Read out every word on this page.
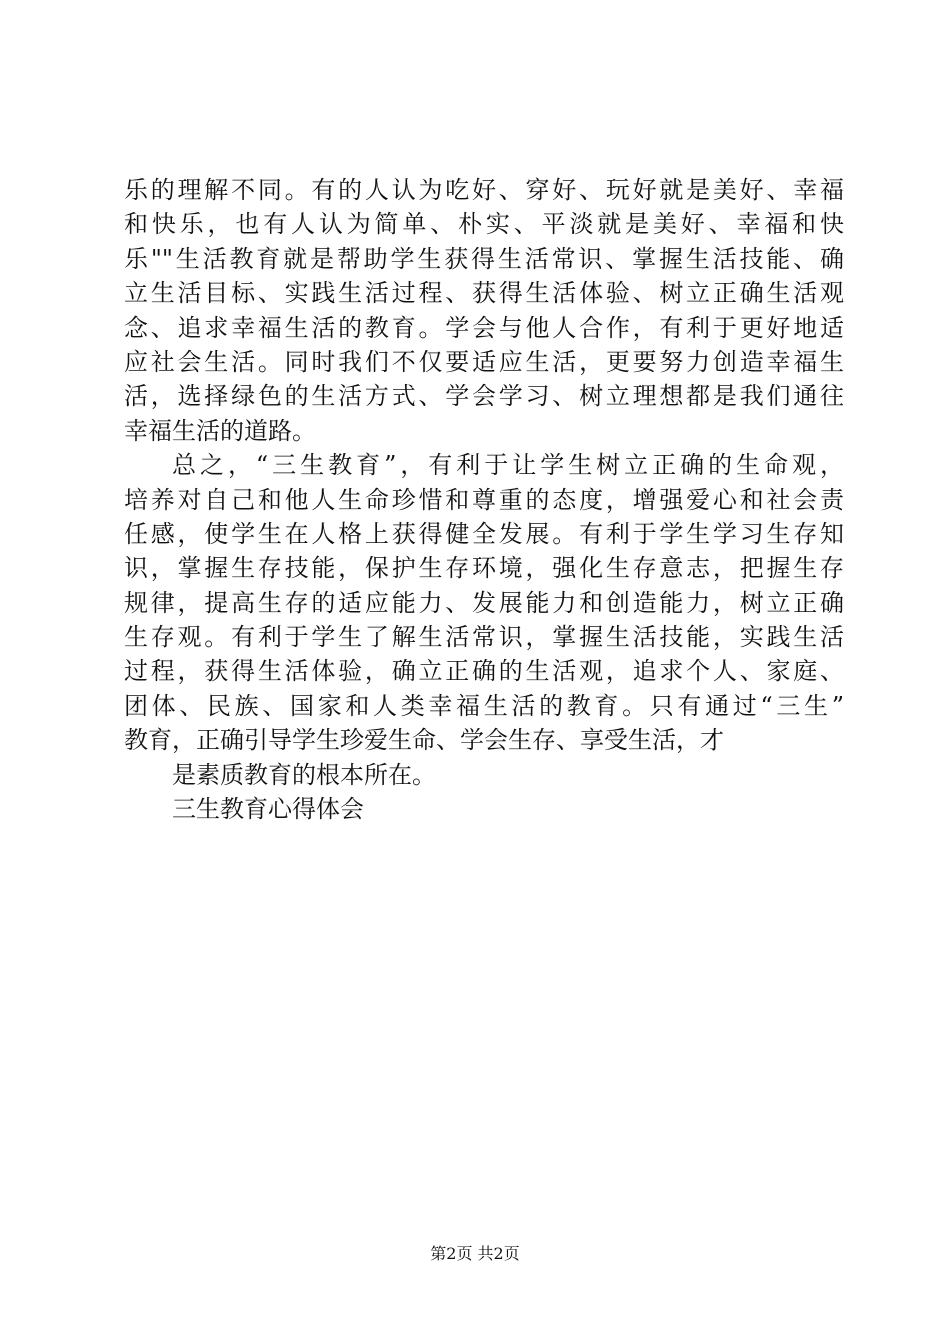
乐的理解不同。有的人认为吃好、穿好、玩好就是美好、幸福
和快乐，也有人认为简单、朴实、平淡就是美好、幸福和快
乐""生活教育就是帮助学生获得生活常识、掌握生活技能、确
立生活目标、实践生活过程、获得生活体验、树立正确生活观
念、追求幸福生活的教育。学会与他人合作，有利于更好地适
应社会生活。同时我们不仅要适应生活，更要努力创造幸福生
活，选择绿色的生活方式、学会学习、树立理想都是我们通往
幸福生活的道路。
总之，“三生教育”，有利于让学生树立正确的生命观，
培养对自己和他人生命珍惜和尊重的态度，增强爱心和社会责
任感，使学生在人格上获得健全发展。有利于学生学习生存知
识，掌握生存技能，保护生存环境，强化生存意志，把握生存
规律，提高生存的适应能力、发展能力和创造能力，树立正确
生存观。有利于学生了解生活常识，掌握生活技能，实践生活
过程，获得生活体验，确立正确的生活观，追求个人、家庭、
团体、民族、国家和人类幸福生活的教育。只有通过“三生”
教育，正确引导学生珍爱生命、学会生存、享受生活，才
是素质教育的根本所在。
三生教育心得体会
第2页 共2页
